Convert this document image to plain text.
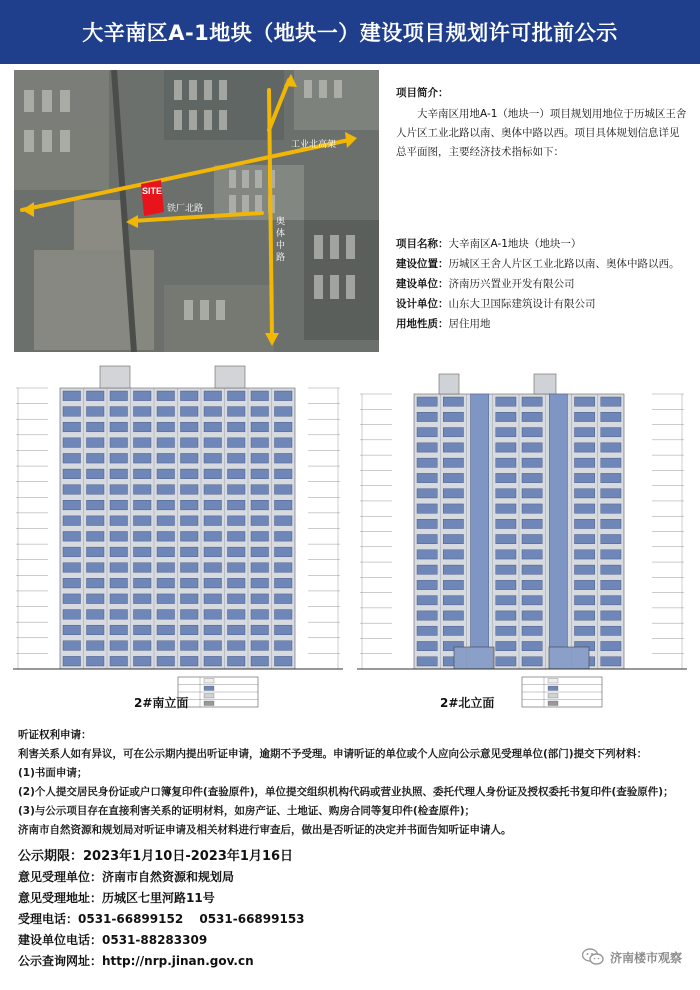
大辛南区A-1地块（地块一）建设项目规划许可批前公示
SITE
工业北高架
铁厂北路
奥 体 中 路
项目简介：
大辛南区用地A-1（地块一）项目规划用地位于历城区王舍人片区工业北路以南、奥体中路以西。项目具体规划信息详见总平面图，主要经济技术指标如下：
项目名称： 大辛南区A-1地块（地块一）
建设位置： 历城区王舍人片区工业北路以南、奥体中路以西。
建设单位： 济南历兴置业开发有限公司
设计单位： 山东大卫国际建筑设计有限公司
用地性质： 居住用地
2#南立面	2#北立面
听证权利申请：
利害关系人如有异议，可在公示期内提出听证申请，逾期不予受理。申请听证的单位或个人应向公示意见受理单位(部门)提交下列材料：
(1)书面申请；
(2)个人提交居民身份证或户口簿复印件(查验原件)，单位提交组织机构代码或营业执照、委托代理人身份证及授权委托书复印件(查验原件)；
(3)与公示项目存在直接利害关系的证明材料，如房产证、土地证、购房合同等复印件(检查原件)；
济南市自然资源和规划局对听证申请及相关材料进行审查后，做出是否听证的决定并书面告知听证申请人。
公示期限：2023年1月10日-2023年1月16日
意见受理单位：济南市自然资源和规划局
意见受理地址：历城区七里河路11号
受理电话：0531-66899152　 0531-66899153
建设单位电话：0531-88283309
公示查询网址：http://nrp.jinan.gov.cn	济南楼市观察
